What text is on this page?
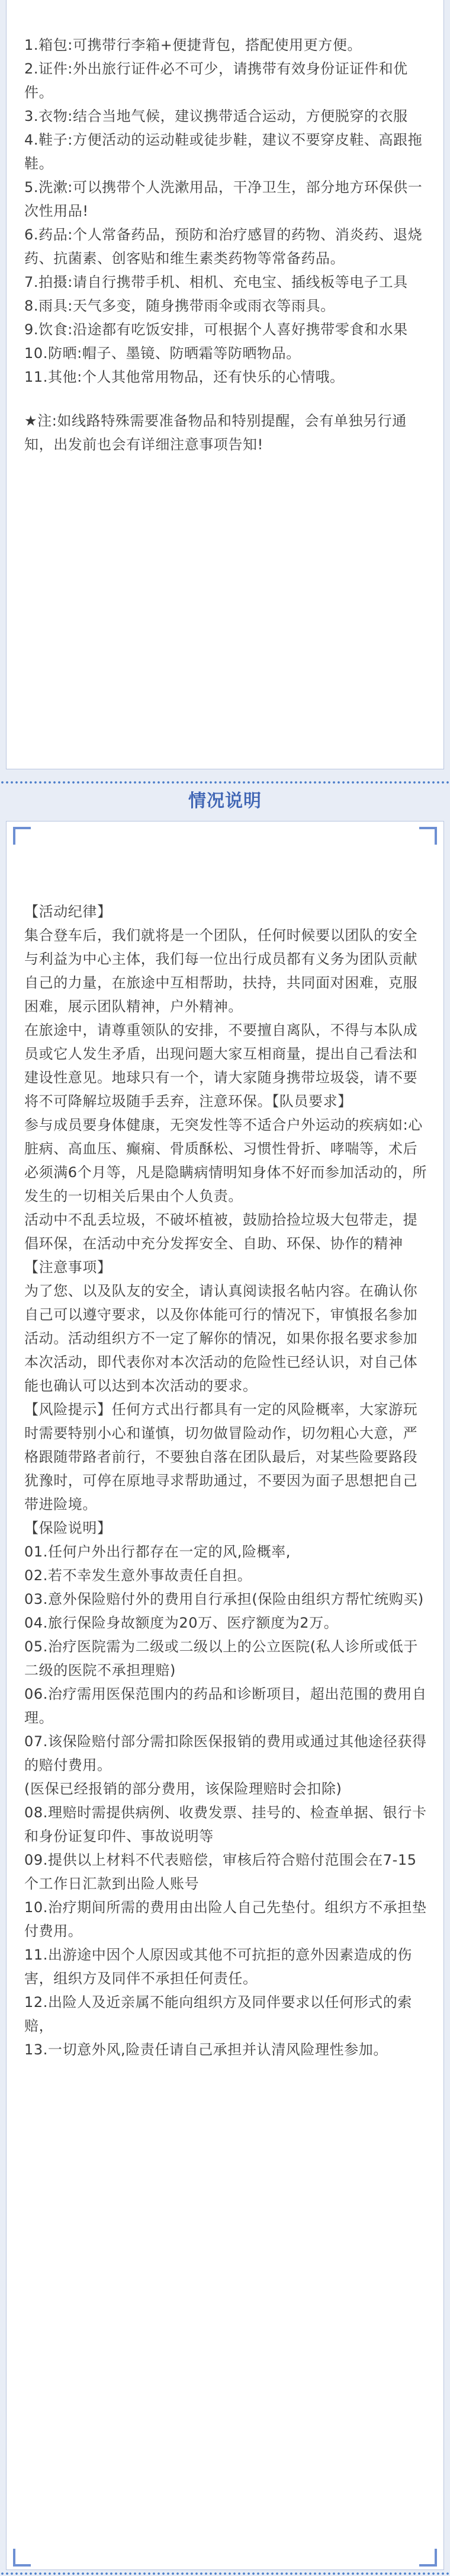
1.箱包:可携带行李箱+便捷背包，搭配使用更方便。

2.证件:外出旅行证件必不可少，请携带有效身份证证件和优件。

3.衣物:结合当地气候，建议携带适合运动，方便脱穿的衣服

4.鞋子:方便活动的运动鞋或徒步鞋，建议不要穿皮鞋、高跟拖鞋。

5.洗漱:可以携带个人洗漱用品，干净卫生，部分地方环保供一次性用品!

6.药品:个人常备药品，预防和治疗感冒的药物、消炎药、退烧药、抗菌素、创客贴和维生素类药物等常备药品。

7.拍摄:请自行携带手机、相机、充电宝、插线板等电子工具

8.雨具:天气多变，随身携带雨伞或雨衣等雨具。

9.饮食:沿途都有吃饭安排，可根据个人喜好携带零食和水果

10.防晒:帽子、墨镜、防晒霜等防晒物品。

11.其他:个人其他常用物品，还有快乐的心情哦。

★注:如线路特殊需要准备物品和特别提醒，会有单独另行通知，出发前也会有详细注意事项告知!

情况说明

【活动纪律】

集合登车后，我们就将是一个团队，任何时候要以团队的安全与利益为中心主体，我们每一位出行成员都有义务为团队贡献自己的力量，在旅途中互相帮助，扶持，共同面对困难，克服困难，展示团队精神，户外精神。

在旅途中，请尊重领队的安排，不要擅自离队，不得与本队成员或它人发生矛盾，出现问题大家互相商量，提出自己看法和建设性意见。地球只有一个，请大家随身携带垃圾袋，请不要将不可降解垃圾随手丢弃，注意环保。【队员要求】

参与成员要身体健康，无突发性等不适合户外运动的疾病如:心脏病、高血压、癫痫、骨质酥松、习惯性骨折、哮喘等，术后必须满6个月等，凡是隐瞒病情明知身体不好而参加活动的，所发生的一切相关后果由个人负责。

活动中不乱丢垃圾，不破坏植被，鼓励拾捡垃圾大包带走，提倡环保，在活动中充分发挥安全、自助、环保、协作的精神

【注意事项】

为了您、以及队友的安全，请认真阅读报名帖内容。在确认你自己可以遵守要求，以及你体能可行的情况下，审慎报名参加活动。活动组织方不一定了解你的情况，如果你报名要求参加本次活动，即代表你对本次活动的危险性已经认识，对自己体能也确认可以达到本次活动的要求。

【风险提示】任何方式出行都具有一定的风险概率，大家游玩时需要特别小心和谨慎，切勿做冒险动作，切勿粗心大意，严格跟随带路者前行，不要独自落在团队最后，对某些险要路段犹豫时，可停在原地寻求帮助通过，不要因为面子思想把自己带进险境。

【保险说明】

01.任何户外出行都存在一定的风,险概率,

02.若不幸发生意外事故责任自担。

03.意外保险赔付外的费用自行承担(保险由组织方帮忙统购买)

04.旅行保险身故额度为20万、医疗额度为2万。

05.治疗医院需为二级或二级以上的公立医院(私人诊所或低于二级的医院不承担理赔)

06.治疗需用医保范围内的药品和诊断项目，超出范围的费用自理。

07.该保险赔付部分需扣除医保报销的费用或通过其他途径获得的赔付费用。

(医保已经报销的部分费用，该保险理赔时会扣除)

08.理赔时需提供病例、收费发票、挂号的、检查单据、银行卡和身份证复印件、事故说明等

09.提供以上材料不代表赔偿，审核后符合赔付范围会在7-15个工作日汇款到出险人账号

10.治疗期间所需的费用由出险人自己先垫付。组织方不承担垫付费用。

11.出游途中因个人原因或其他不可抗拒的意外因素造成的伤害，组织方及同伴不承担任何责任。

12.出险人及近亲属不能向组织方及同伴要求以任何形式的索赔，

13.一切意外风,险责任请自己承担并认清风险理性参加。
